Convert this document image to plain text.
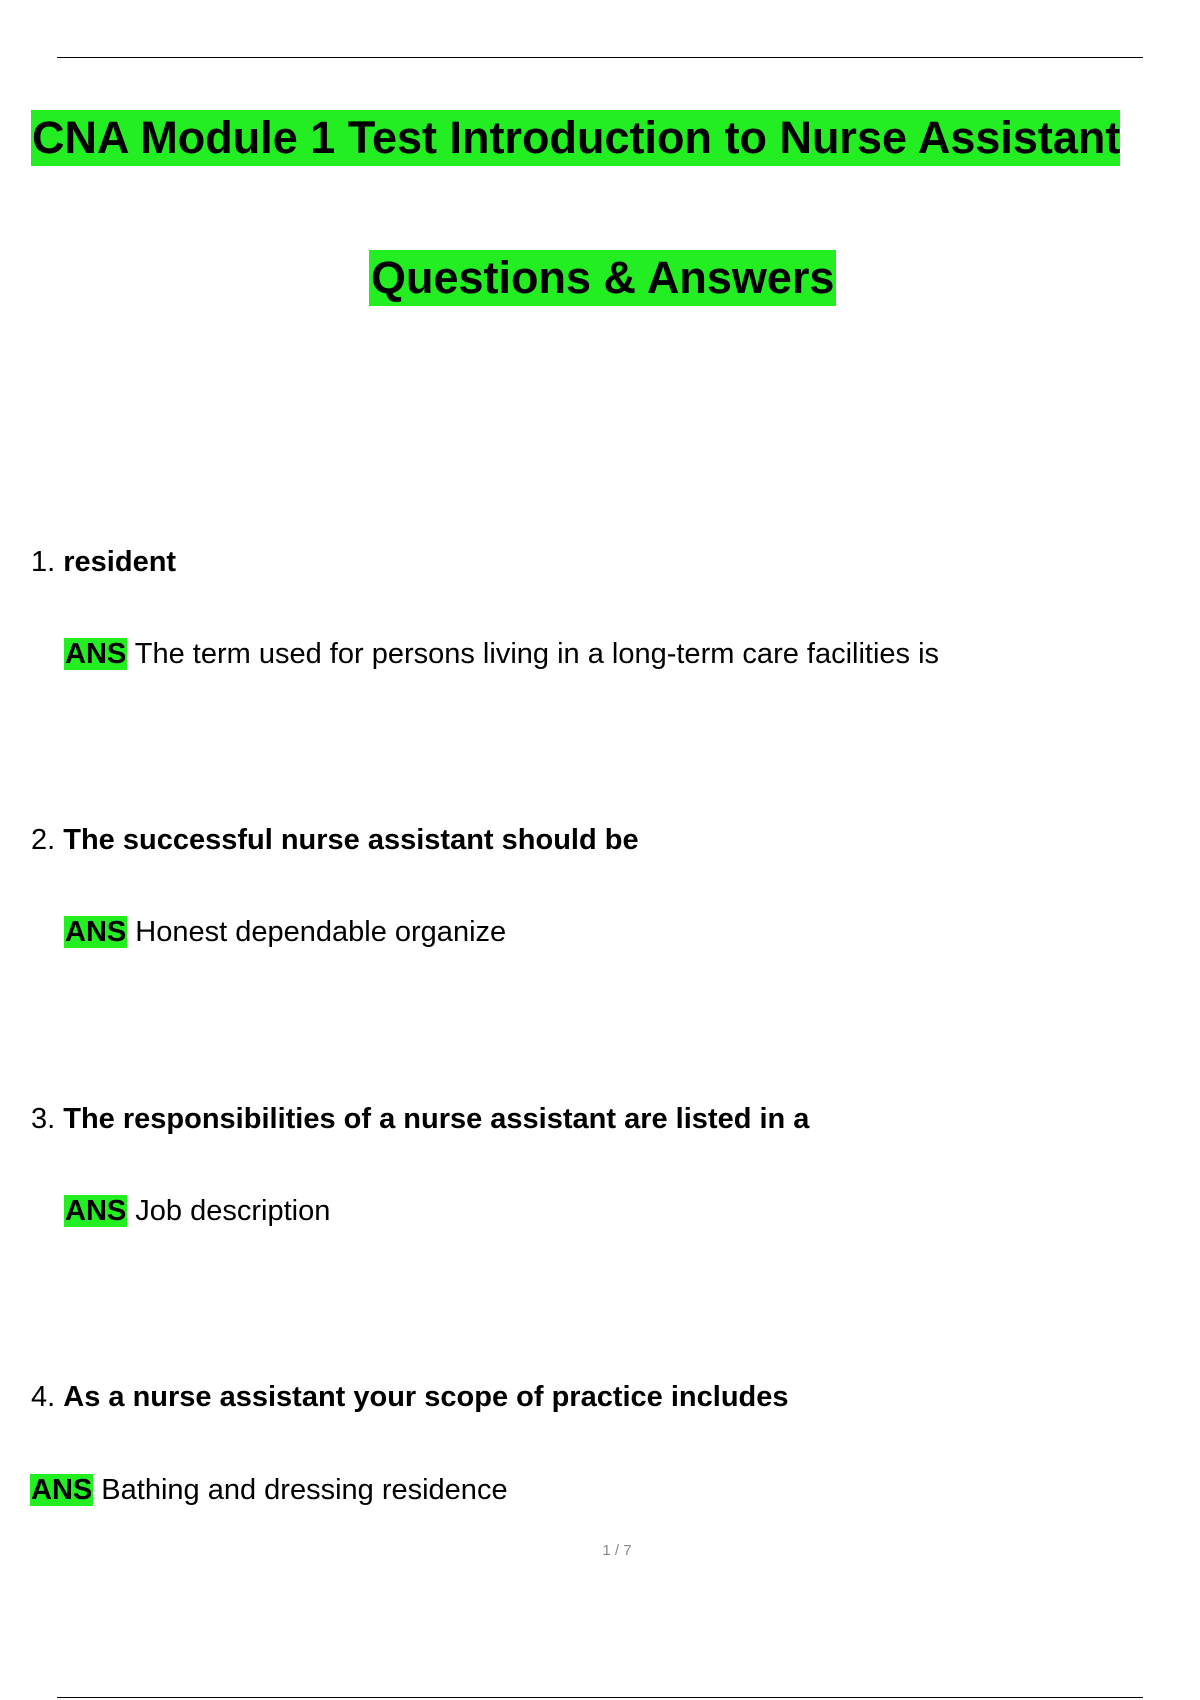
CNA Module 1 Test Introduction to Nurse Assistant
Questions & Answers
1. resident
ANS The term used for persons living in a long-term care facilities is
2. The successful nurse assistant should be
ANS Honest dependable organize
3. The responsibilities of a nurse assistant are listed in a
ANS Job description
4. As a nurse assistant your scope of practice includes
ANS Bathing and dressing residence
1 / 7
